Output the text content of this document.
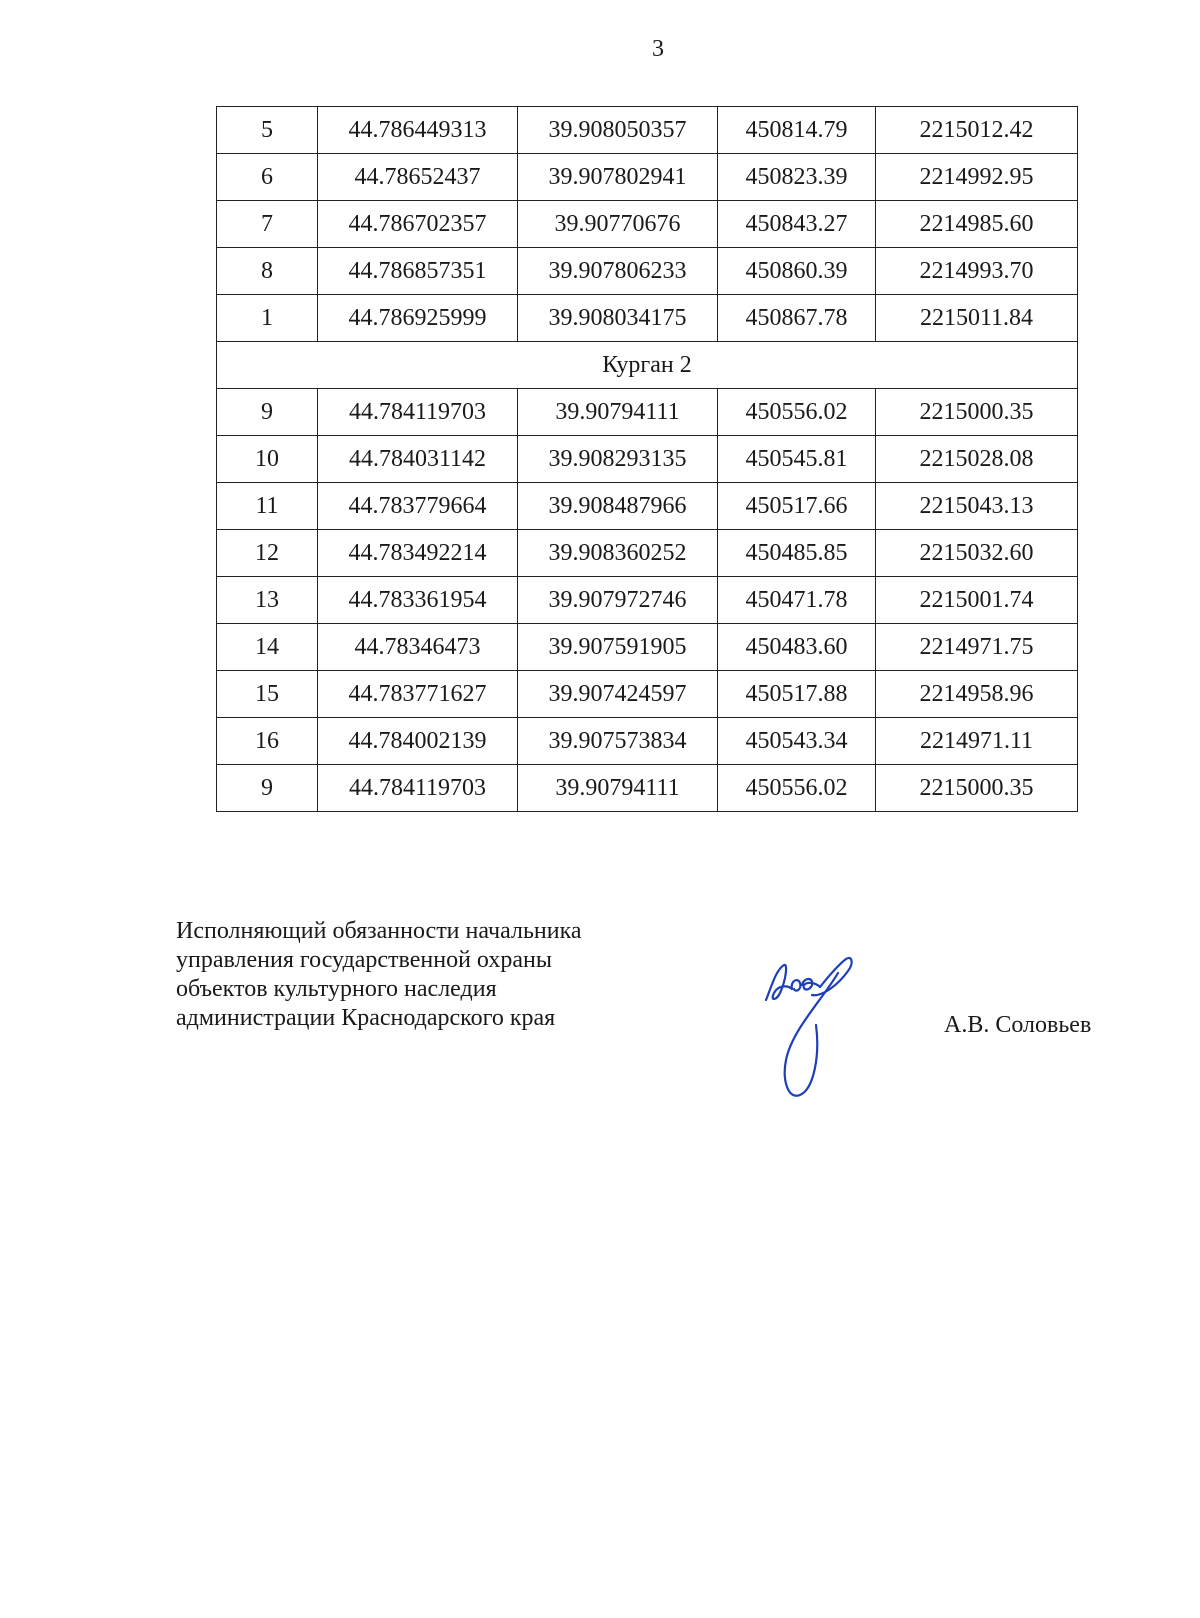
3
5	44.786449313	39.908050357	450814.79	2215012.42
6	44.78652437	39.907802941	450823.39	2214992.95
7	44.786702357	39.90770676	450843.27	2214985.60
8	44.786857351	39.907806233	450860.39	2214993.70
1	44.786925999	39.908034175	450867.78	2215011.84
Курган 2				
9	44.784119703	39.90794111	450556.02	2215000.35
10	44.784031142	39.908293135	450545.81	2215028.08
11	44.783779664	39.908487966	450517.66	2215043.13
12	44.783492214	39.908360252	450485.85	2215032.60
13	44.783361954	39.907972746	450471.78	2215001.74
14	44.78346473	39.907591905	450483.60	2214971.75
15	44.783771627	39.907424597	450517.88	2214958.96
16	44.784002139	39.907573834	450543.34	2214971.11
9	44.784119703	39.90794111	450556.02	2215000.35
Исполняющий обязанности начальника
управления государственной охраны
объектов культурного наследия
администрации Краснодарского края	А.В. Соловьев
